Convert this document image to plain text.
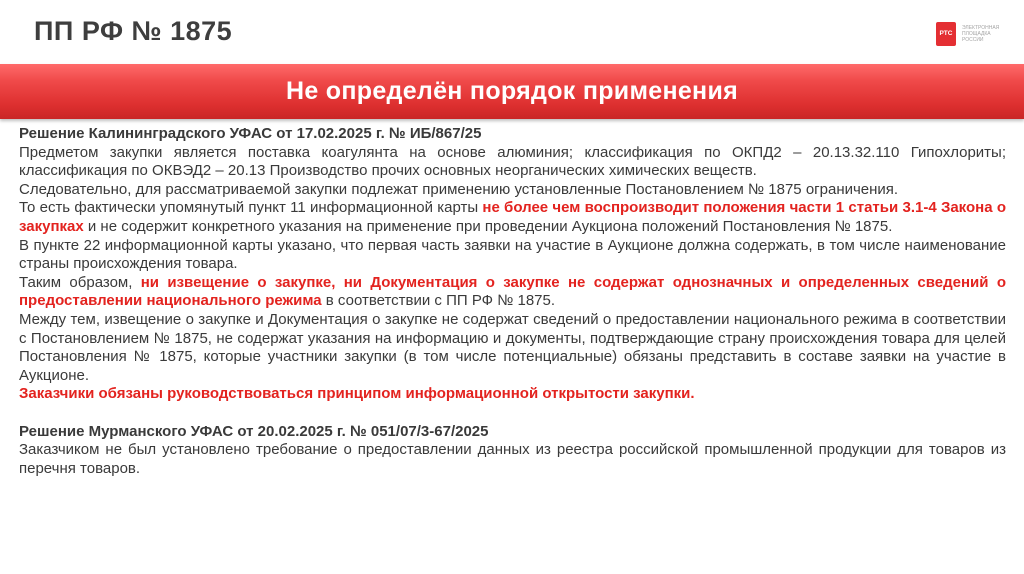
ПП РФ № 1875	РТС
ЭЛЕКТРОННАЯ
ПЛОЩАДКА
РОССИИ
Не определён порядок применения

Решение Калининградского УФАС от 17.02.2025 г. № ИБ/867/25

Предметом закупки является поставка коагулянта на основе алюминия; классификация по ОКПД2 – 20.13.32.110 Гипохлориты; классификация по ОКВЭД2 – 20.13 Производство прочих основных неорганических химических веществ.

Следовательно, для рассматриваемой закупки подлежат применению установленные Постановлением № 1875 ограничения.

То есть фактически упомянутый пункт 11 информационной карты не более чем воспроизводит положения части 1 статьи 3.1-4 Закона о закупках и не содержит конкретного указания на применение при проведении Аукциона положений Постановления № 1875.

В пункте 22 информационной карты указано, что первая часть заявки на участие в Аукционе должна содержать, в том числе наименование страны происхождения товара.

Таким образом, ни извещение о закупке, ни Документация о закупке не содержат однозначных и определенных сведений о предоставлении национального режима в соответствии с ПП РФ № 1875.

Между тем, извещение о закупке и Документация о закупке не содержат сведений о предоставлении национального режима в соответствии с Постановлением № 1875, не содержат указания на информацию и документы, подтверждающие страну происхождения товара для целей Постановления № 1875, которые участники закупки (в том числе потенциальные) обязаны представить в составе заявки на участие в Аукционе.

Заказчики обязаны руководствоваться принципом информационной открытости закупки.

Решение Мурманского УФАС от 20.02.2025 г. № 051/07/3-67/2025

Заказчиком не был установлено требование о предоставлении данных из реестра российской промышленной продукции для товаров из перечня товаров.
